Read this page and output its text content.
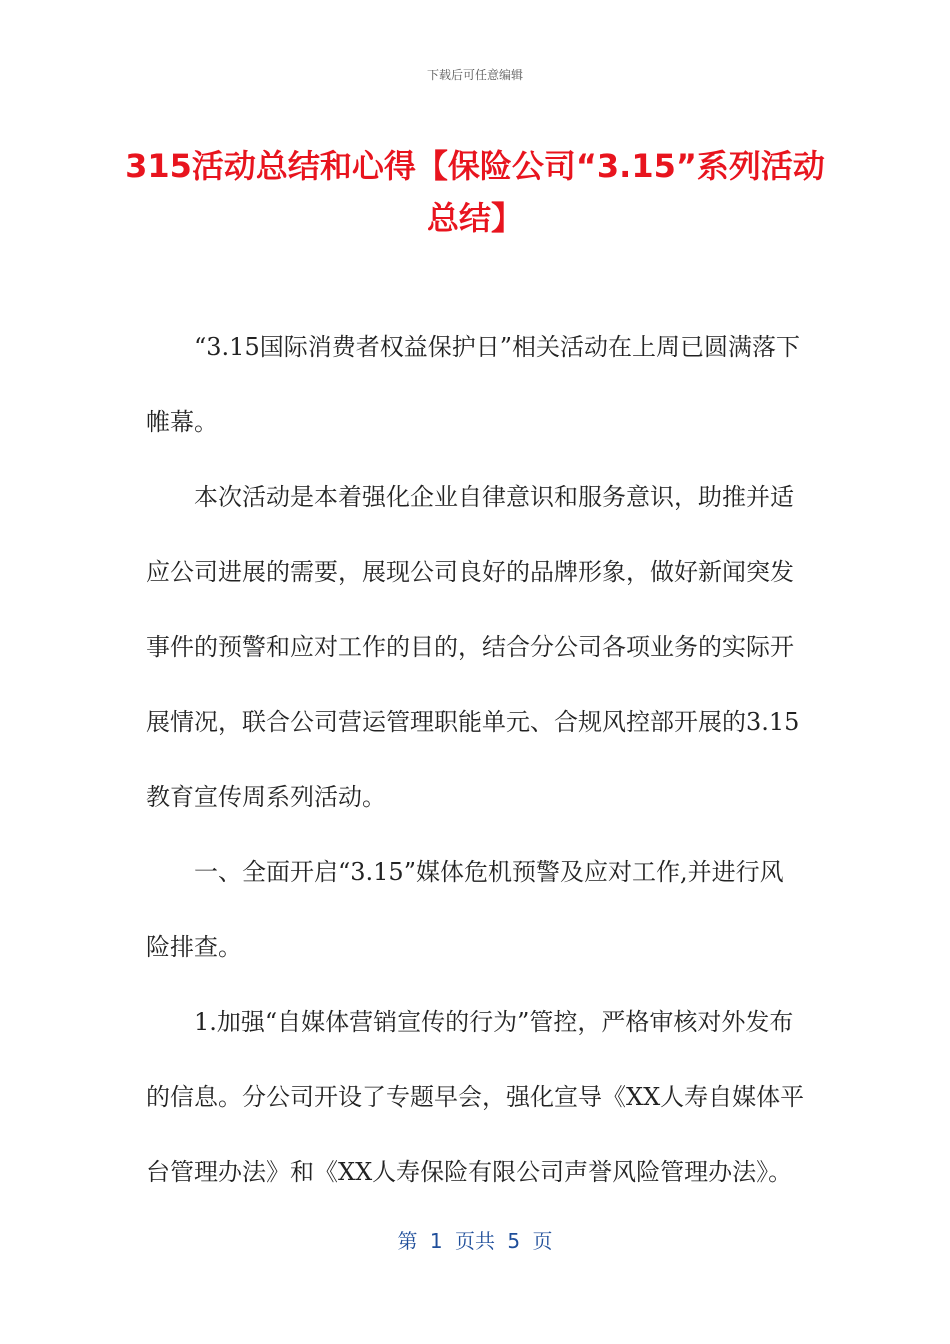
下载后可任意编辑
315活动总结和心得【保险公司“3.15”系列活动总结】

“3.15国际消费者权益保护日”相关活动在上周已圆满落下帷幕。

本次活动是本着强化企业自律意识和服务意识，助推并适应公司进展的需要，展现公司良好的品牌形象，做好新闻突发事件的预警和应对工作的目的，结合分公司各项业务的实际开展情况，联合公司营运管理职能单元、合规风控部开展的3.15教育宣传周系列活动。

一、全面开启“3.15”媒体危机预警及应对工作,并进行风险排查。

1.加强“自媒体营销宣传的行为”管控，严格审核对外发布的信息。分公司开设了专题早会，强化宣导《XX人寿自媒体平台管理办法》和《XX人寿保险有限公司声誉风险管理办法》。

第 1 页共 5 页
